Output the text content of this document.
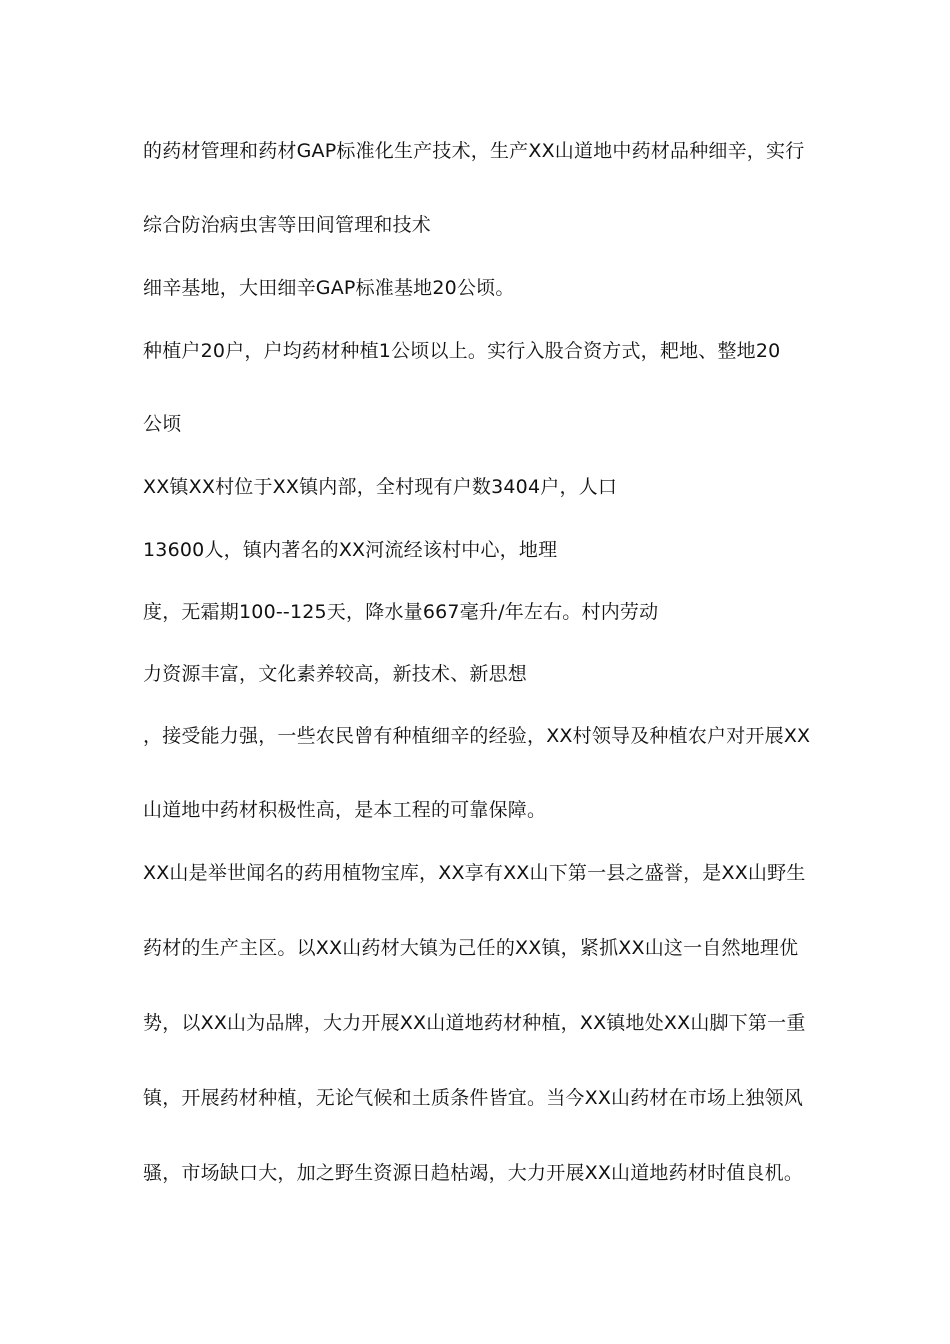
的药材管理和药材GAP标准化生产技术，生产XX山道地中药材品种细辛，实行
综合防治病虫害等田间管理和技术
细辛基地，大田细辛GAP标准基地20公顷。
种植户20户，户均药材种植1公顷以上。实行入股合资方式，耙地、整地20
公顷
XX镇XX村位于XX镇内部，全村现有户数3404户，人口
13600人，镇内著名的XX河流经该村中心，地理
度，无霜期100--125天，降水量667毫升/年左右。村内劳动
力资源丰富，文化素养较高，新技术、新思想
，接受能力强，一些农民曾有种植细辛的经验，XX村领导及种植农户对开展XX
山道地中药材积极性高，是本工程的可靠保障。
XX山是举世闻名的药用植物宝库，XX享有XX山下第一县之盛誉，是XX山野生
药材的生产主区。以XX山药材大镇为己任的XX镇，紧抓XX山这一自然地理优
势，以XX山为品牌，大力开展XX山道地药材种植，XX镇地处XX山脚下第一重
镇，开展药材种植，无论气候和土质条件皆宜。当今XX山药材在市场上独领风
骚，市场缺口大，加之野生资源日趋枯竭，大力开展XX山道地药材时值良机。
